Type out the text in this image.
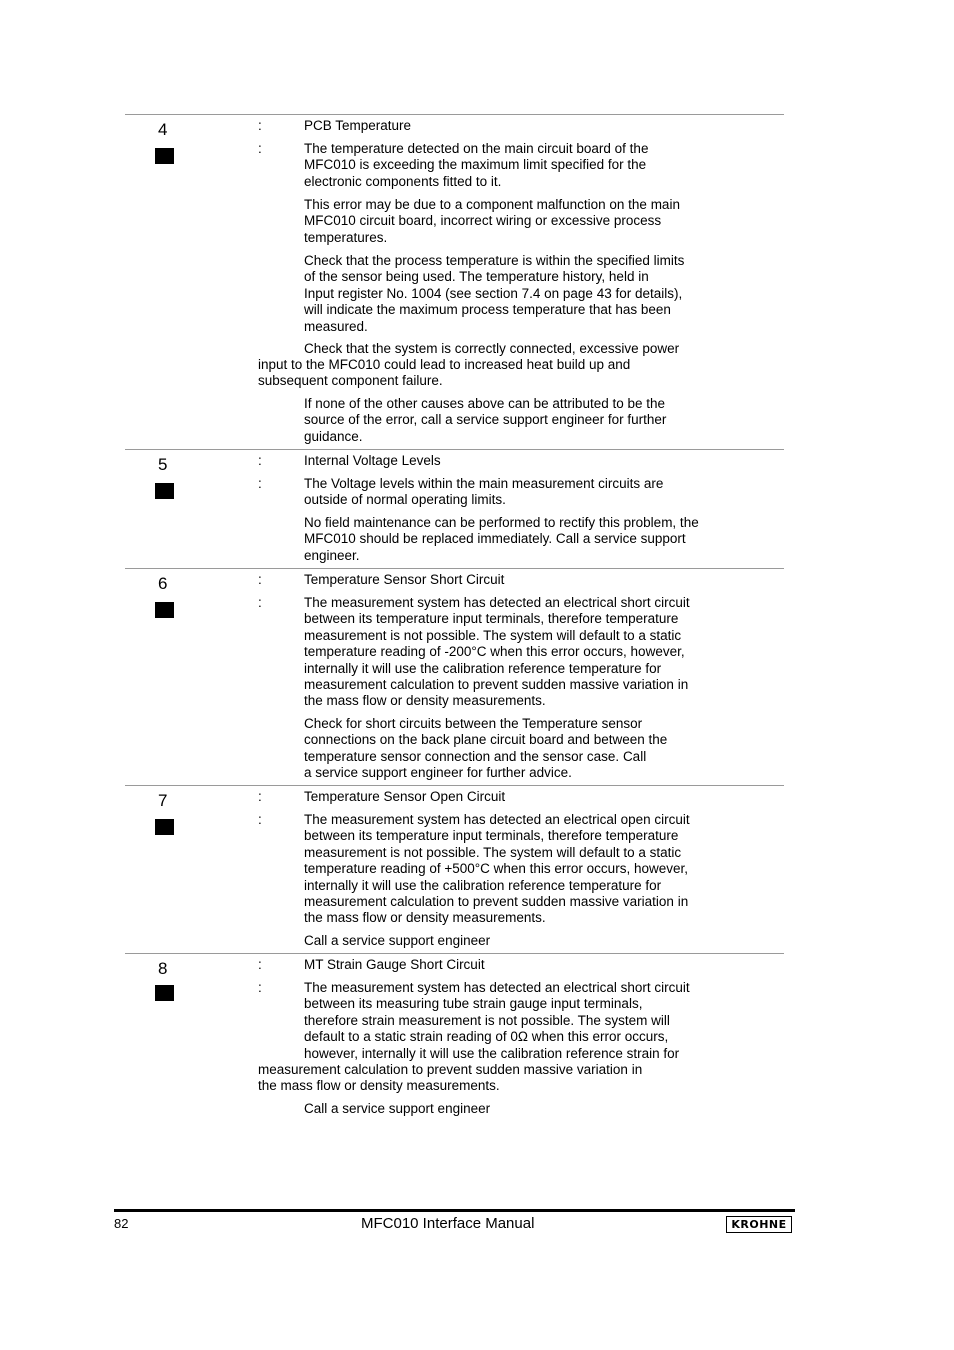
4	:	PCB Temperature
:	The temperature detected on the main circuit board of the
MFC010 is exceeding the maximum limit specified for the
electronic components fitted to it.
This error may be due to a component malfunction on the main
MFC010 circuit board, incorrect wiring or excessive process
temperatures.
Check that the process temperature is within the specified limits
of the sensor being used. The temperature history, held in
Input register No. 1004 (see section 7.4 on page 43 for details),
will indicate the maximum process temperature that has been
measured.
Check that the system is correctly connected, excessive power
input to the MFC010 could lead to increased heat build up and
subsequent component failure.
If none of the other causes above can be attributed to be the
source of the error, call a service support engineer for further
guidance.
5	:	Internal Voltage Levels
:	The Voltage levels within the main measurement circuits are
outside of normal operating limits.
No field maintenance can be performed to rectify this problem, the
MFC010 should be replaced immediately. Call a service support
engineer.
6	:	Temperature Sensor Short Circuit
:	The measurement system has detected an electrical short circuit
between its temperature input terminals, therefore temperature
measurement is not possible. The system will default to a static
temperature reading of -200°C when this error occurs, however,
internally it will use the calibration reference temperature for
measurement calculation to prevent sudden massive variation in
the mass flow or density measurements.
Check for short circuits between the Temperature sensor
connections on the back plane circuit board and between the
temperature sensor connection and the sensor case. Call
a service support engineer for further advice.
7	:	Temperature Sensor Open Circuit
:	The measurement system has detected an electrical open circuit
between its temperature input terminals, therefore temperature
measurement is not possible. The system will default to a static
temperature reading of +500°C when this error occurs, however,
internally it will use the calibration reference temperature for
measurement calculation to prevent sudden massive variation in
the mass flow or density measurements.
Call a service support engineer
8	:	MT Strain Gauge Short Circuit
:	The measurement system has detected an electrical short circuit
between its measuring tube strain gauge input terminals,
therefore strain measurement is not possible. The system will
default to a static strain reading of 0Ω when this error occurs,
however, internally it will use the calibration reference strain for
measurement calculation to prevent sudden massive variation in
the mass flow or density measurements.
Call a service support engineer
82	MFC010 Interface Manual	KROHNE
